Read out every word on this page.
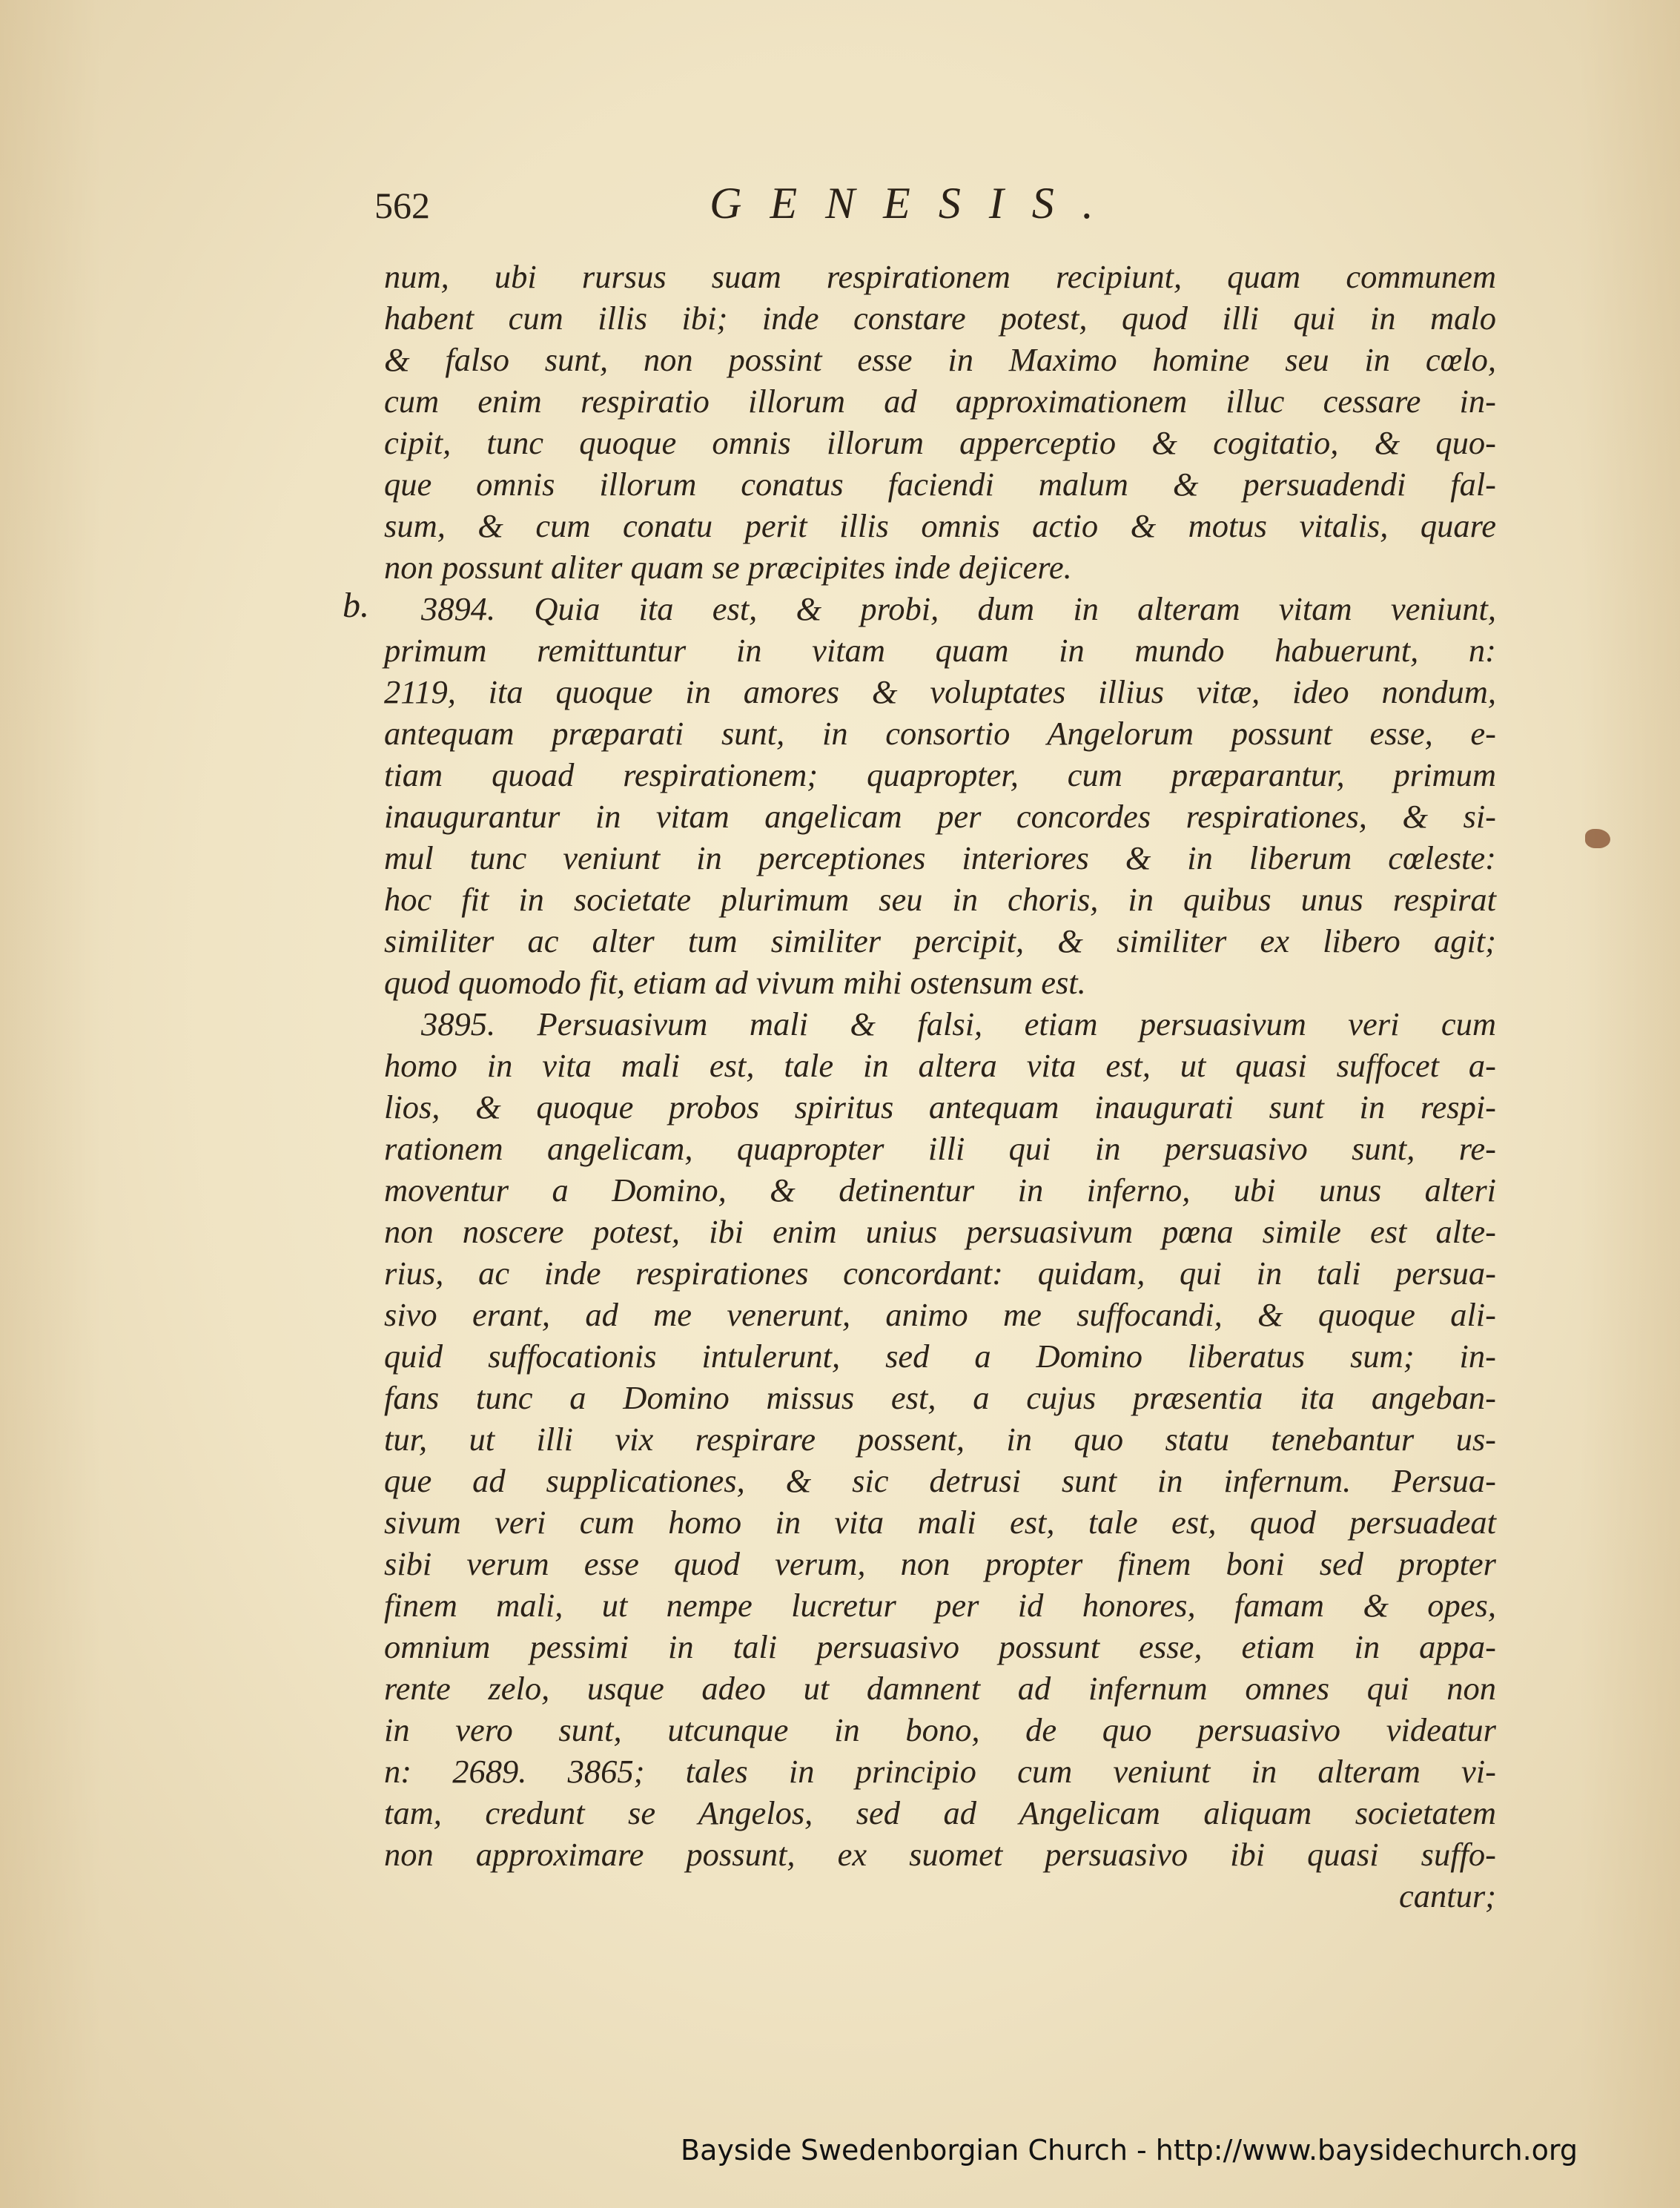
562	GENESIS.
b.
num, ubi rursus suam respirationem recipiunt, quam communem
habent cum illis ibi; inde constare potest, quod illi qui in malo
& falso sunt, non possint esse in Maximo homine seu in cœlo,
cum enim respiratio illorum ad approximationem illuc cessare in-
cipit, tunc quoque omnis illorum apperceptio & cogitatio, & quo-
que omnis illorum conatus faciendi malum & persuadendi fal-
sum, & cum conatu perit illis omnis actio & motus vitalis, quare
non possunt aliter quam se præcipites inde dejicere.
3894. Quia ita est, & probi, dum in alteram vitam veniunt,
primum remittuntur in vitam quam in mundo habuerunt, n:
2119, ita quoque in amores & voluptates illius vitæ, ideo nondum,
antequam præparati sunt, in consortio Angelorum possunt esse, e-
tiam quoad respirationem; quapropter, cum præparantur, primum
inaugurantur in vitam angelicam per concordes respirationes, & si-
mul tunc veniunt in perceptiones interiores & in liberum cœleste:
hoc fit in societate plurimum seu in choris, in quibus unus respirat
similiter ac alter tum similiter percipit, & similiter ex libero agit;
quod quomodo fit, etiam ad vivum mihi ostensum est.
3895. Persuasivum mali & falsi, etiam persuasivum veri cum
homo in vita mali est, tale in altera vita est, ut quasi suffocet a-
lios, & quoque probos spiritus antequam inaugurati sunt in respi-
rationem angelicam, quapropter illi qui in persuasivo sunt, re-
moventur a Domino, & detinentur in inferno, ubi unus alteri
non noscere potest, ibi enim unius persuasivum pœna simile est alte-
rius, ac inde respirationes concordant: quidam, qui in tali persua-
sivo erant, ad me venerunt, animo me suffocandi, & quoque ali-
quid suffocationis intulerunt, sed a Domino liberatus sum; in-
fans tunc a Domino missus est, a cujus præsentia ita angeban-
tur, ut illi vix respirare possent, in quo statu tenebantur us-
que ad supplicationes, & sic detrusi sunt in infernum. Persua-
sivum veri cum homo in vita mali est, tale est, quod persuadeat
sibi verum esse quod verum, non propter finem boni sed propter
finem mali, ut nempe lucretur per id honores, famam & opes,
omnium pessimi in tali persuasivo possunt esse, etiam in appa-
rente zelo, usque adeo ut damnent ad infernum omnes qui non
in vero sunt, utcunque in bono, de quo persuasivo videatur
n: 2689. 3865; tales in principio cum veniunt in alteram vi-
tam, credunt se Angelos, sed ad Angelicam aliquam societatem
non approximare possunt, ex suomet persuasivo ibi quasi suffo-
cantur;
Bayside Swedenborgian Church - http://www.baysidechurch.org
